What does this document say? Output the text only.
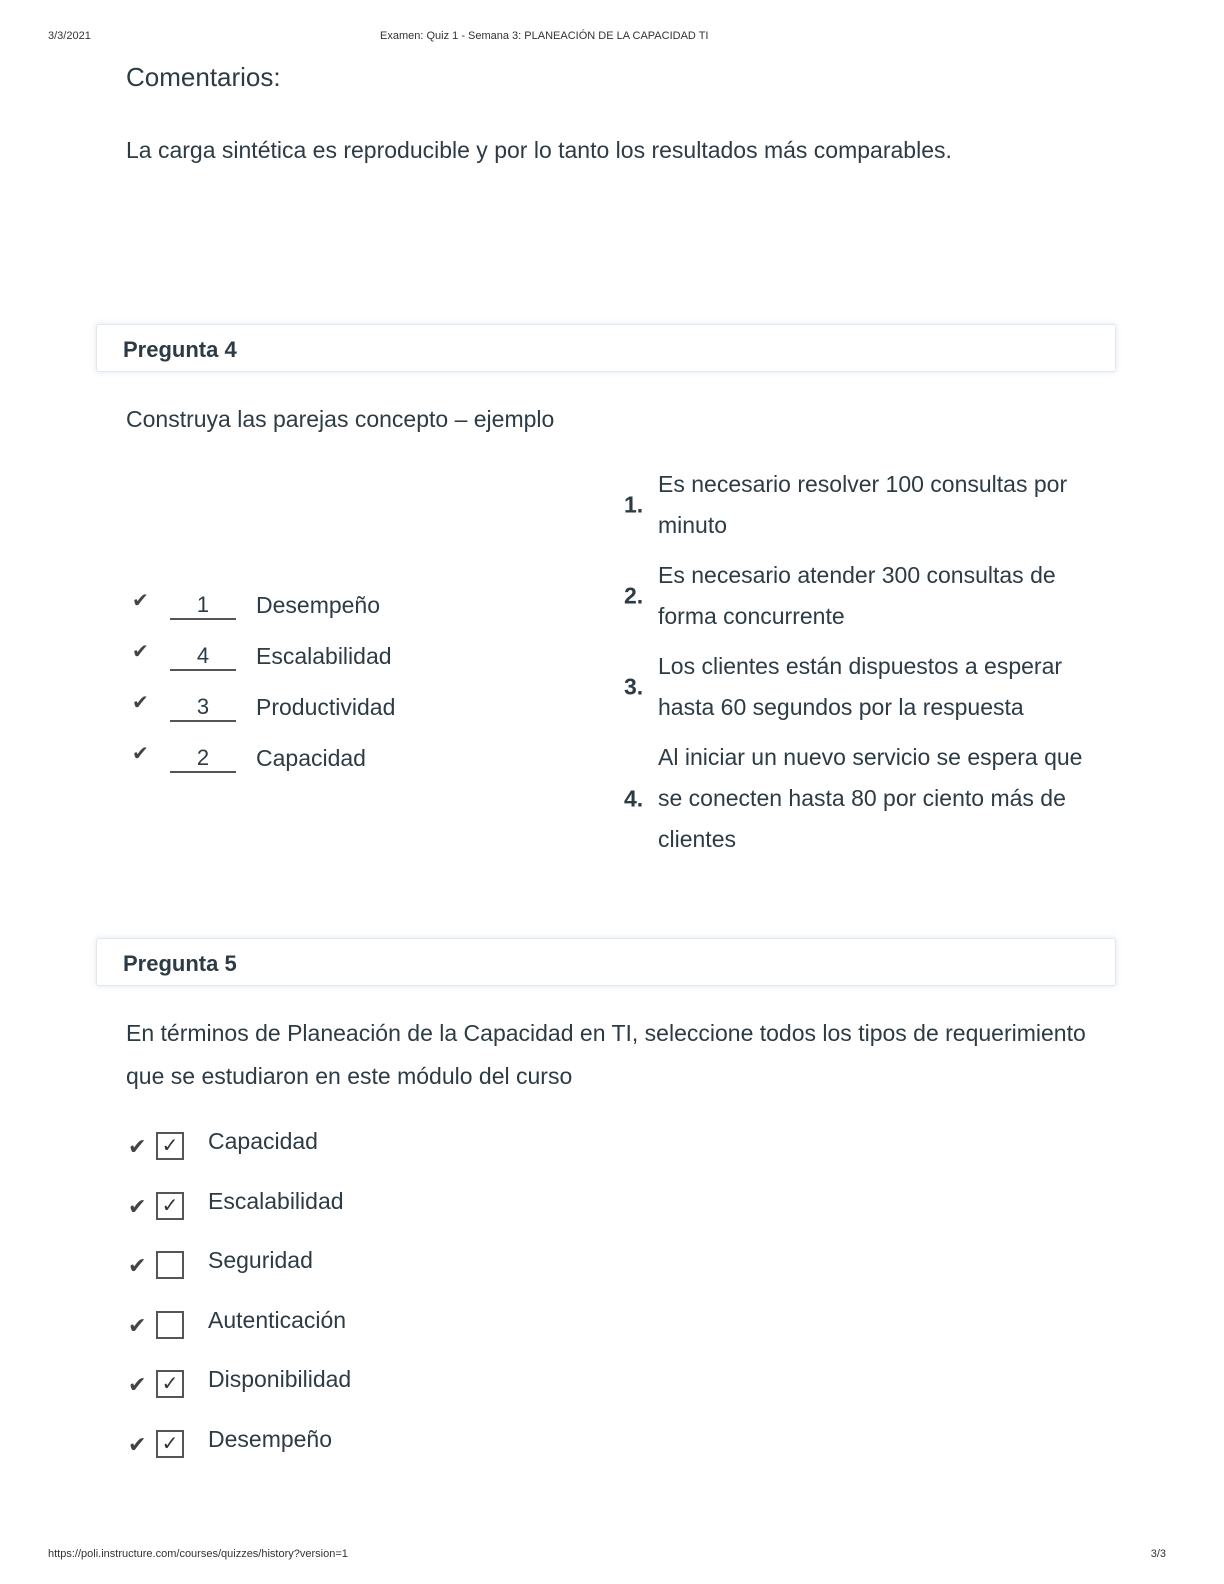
3/3/2021	Examen: Quiz 1 - Semana 3: PLANEACIÓN DE LA CAPACIDAD TI
Comentarios:
La carga sintética es reproducible y por lo tanto los resultados más comparables.
Pregunta 4
Construya las parejas concepto – ejemplo
✔	1	Desempeño
✔	4	Escalabilidad
✔	3	Productividad
✔	2	Capacidad
1.
Es necesario resolver 100 consultas por minuto
2.
Es necesario atender 300 consultas de forma concurrente
3.
Los clientes están dispuestos a esperar hasta 60 segundos por la respuesta
4.
Al iniciar un nuevo servicio se espera que se conecten hasta 80 por ciento más de clientes
Pregunta 5
En términos de Planeación de la Capacidad en TI, seleccione todos los tipos de requerimiento que se estudiaron en este módulo del curso
✔ ✓ Capacidad
✔ ✓ Escalabilidad
✔	Seguridad
✔	Autenticación
✔ ✓ Disponibilidad
✔ ✓ Desempeño
https://poli.instructure.com/courses/quizzes/history?version=1	3/3
